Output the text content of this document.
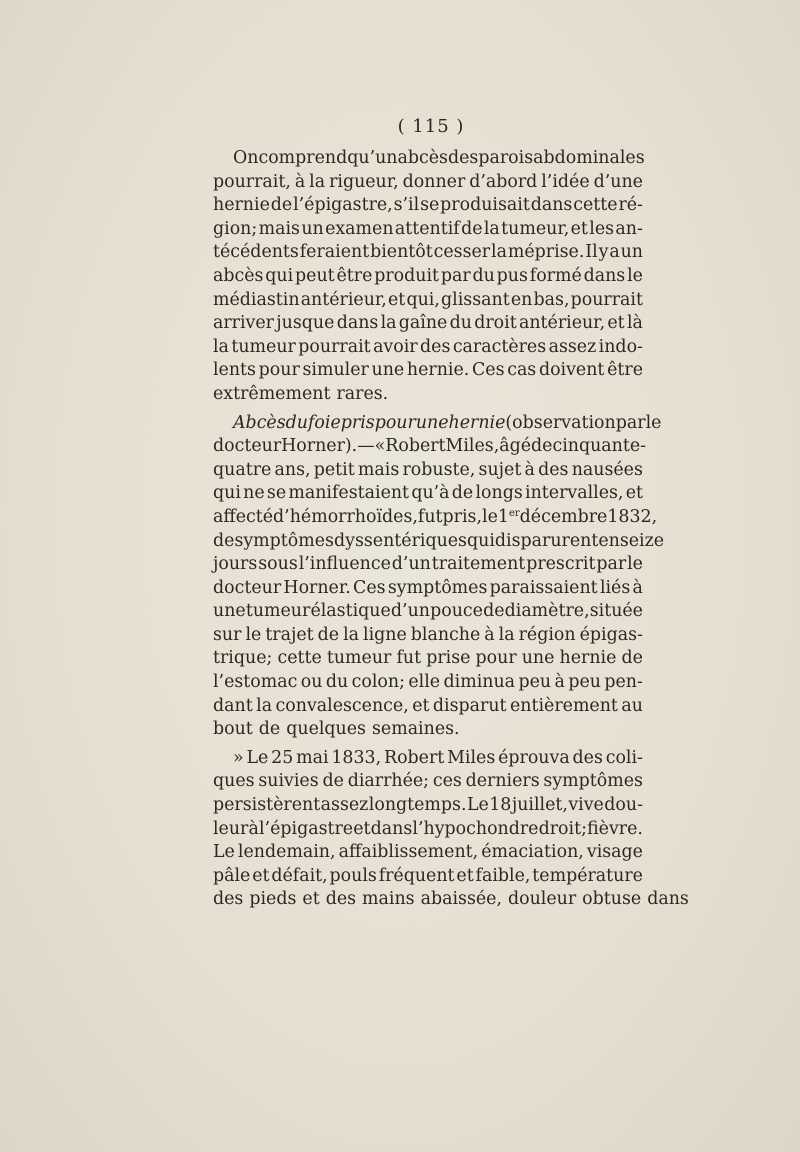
( 115 )
On comprend qu’un abcès des parois abdominales
pourrait, à la rigueur, donner d’abord l’idée d’une
hernie de l’épigastre, s’il se produisait dans cette ré-
gion; mais un examen attentif de la tumeur, et les an-
técédents feraient bientôt cesser la méprise. Il y a un
abcès qui peut être produit par du pus formé dans le
médiastin antérieur, et qui, glissant en bas, pourrait
arriver jusque dans la gaîne du droit antérieur, et là
la tumeur pourrait avoir des caractères assez indo-
lents pour simuler une hernie. Ces cas doivent être
extrêmement rares.
Abcès du foie pris pour une hernie (observation par le
docteur Horner). — « Robert Miles, âgé de cinquante-
quatre ans, petit mais robuste, sujet à des nausées
qui ne se manifestaient qu’à de longs intervalles, et
affecté d’hémorrhoïdes, fut pris, le 1er décembre 1832,
de symptômes dyssentériques qui disparurent en seize
jours sous l’influence d’un traitement prescrit par le
docteur Horner. Ces symptômes paraissaient liés à
une tumeur élastique d’un pouce de diamètre, située
sur le trajet de la ligne blanche à la région épigas-
trique; cette tumeur fut prise pour une hernie de
l’estomac ou du colon; elle diminua peu à peu pen-
dant la convalescence, et disparut entièrement au
bout de quelques semaines.
» Le 25 mai 1833, Robert Miles éprouva des coli-
ques suivies de diarrhée; ces derniers symptômes
persistèrent assez longtemps. Le 18 juillet, vive dou-
leur à l’épigastre et dans l’hypochondre droit; fièvre.
Le lendemain, affaiblissement, émaciation, visage
pâle et défait, pouls fréquent et faible, température
des pieds et des mains abaissée, douleur obtuse dans
